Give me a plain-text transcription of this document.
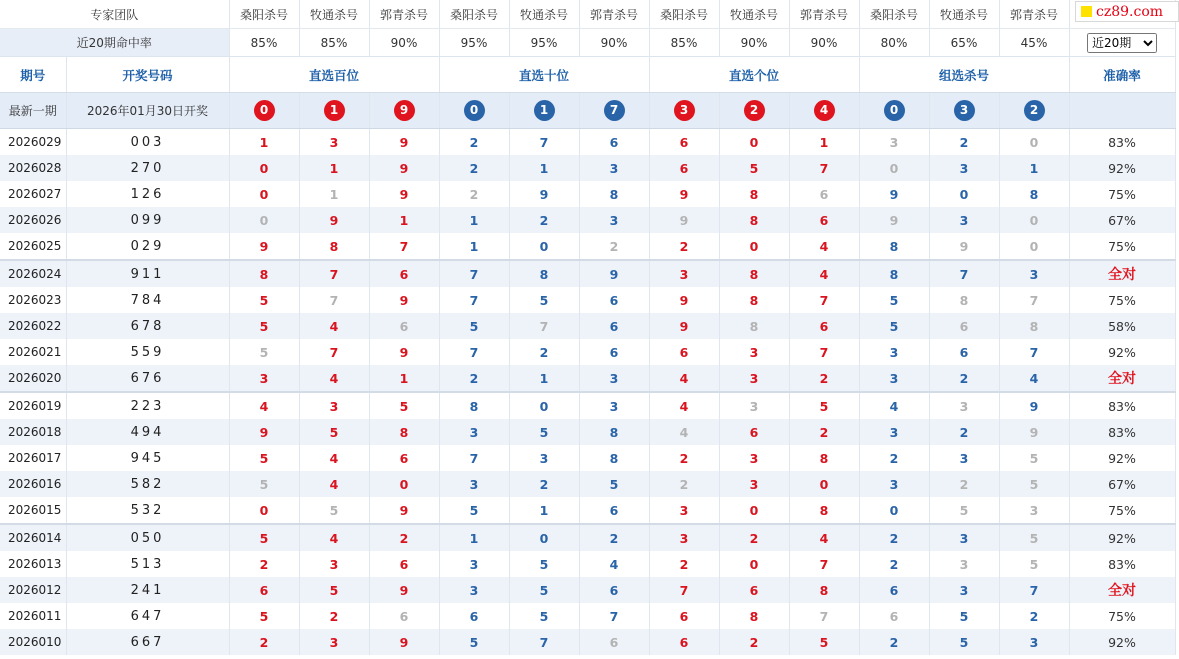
专家团队		桑阳杀号	牧通杀号	郭青杀号	桑阳杀号	牧通杀号	郭青杀号	桑阳杀号	牧通杀号	郭青杀号	桑阳杀号	牧通杀号	郭青杀号	
近20期命中率		85%	85%	90%	95%	95%	90%	85%	90%	90%	80%	65%	45%	
近20期
期号	开奖号码	直选百位			直选十位			直选个位			组选杀号			准确率
最新一期	2026年01月30日开奖	0	1	9	0	1	7	3	2	4	0	3	2	
2026029	003	1	3	9	2	7	6	6	0	1	3	2	0	83%
2026028	270	0	1	9	2	1	3	6	5	7	0	3	1	92%
2026027	126	0	1	9	2	9	8	9	8	6	9	0	8	75%
2026026	099	0	9	1	1	2	3	9	8	6	9	3	0	67%
2026025	029	9	8	7	1	0	2	2	0	4	8	9	0	75%
2026024	911	8	7	6	7	8	9	3	8	4	8	7	3	全对
2026023	784	5	7	9	7	5	6	9	8	7	5	8	7	75%
2026022	678	5	4	6	5	7	6	9	8	6	5	6	8	58%
2026021	559	5	7	9	7	2	6	6	3	7	3	6	7	92%
2026020	676	3	4	1	2	1	3	4	3	2	3	2	4	全对
2026019	223	4	3	5	8	0	3	4	3	5	4	3	9	83%
2026018	494	9	5	8	3	5	8	4	6	2	3	2	9	83%
2026017	945	5	4	6	7	3	8	2	3	8	2	3	5	92%
2026016	582	5	4	0	3	2	5	2	3	0	3	2	5	67%
2026015	532	0	5	9	5	1	6	3	0	8	0	5	3	75%
2026014	050	5	4	2	1	0	2	3	2	4	2	3	5	92%
2026013	513	2	3	6	3	5	4	2	0	7	2	3	5	83%
2026012	241	6	5	9	3	5	6	7	6	8	6	3	7	全对
2026011	647	5	2	6	6	5	7	6	8	7	6	5	2	75%
2026010	667	2	3	9	5	7	6	6	2	5	2	5	3	92%
cz89.com
